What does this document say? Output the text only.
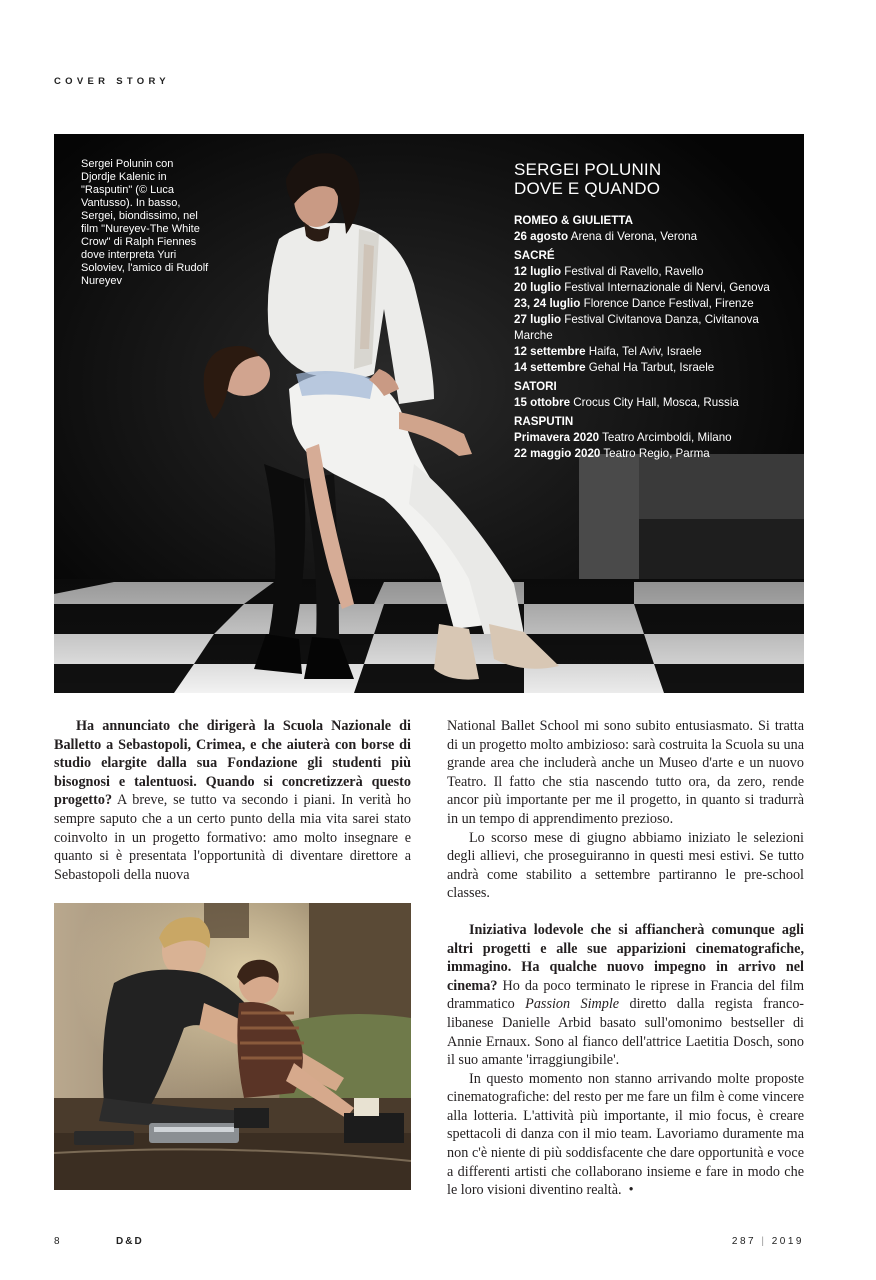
COVER STORY
Sergei Polunin con Djordje Kalenic in "Rasputin" (© Luca Vantusso). In basso, Sergei, biondissimo, nel film "Nureyev-The White Crow" di Ralph Fiennes dove interpreta Yuri Soloviev, l'amico di Rudolf Nureyev
SERGEI POLUNIN
DOVE E QUANDO
ROMEO & GIULIETTA
26 agosto Arena di Verona, Verona
SACRÉ
12 luglio Festival di Ravello, Ravello
20 luglio Festival Internazionale di Nervi, Genova
23, 24 luglio Florence Dance Festival, Firenze
27 luglio Festival Civitanova Danza, Civitanova Marche
12 settembre Haifa, Tel Aviv, Israele
14 settembre Gehal Ha Tarbut, Israele
SATORI
15 ottobre Crocus City Hall, Mosca, Russia
RASPUTIN
Primavera 2020 Teatro Arcimboldi, Milano
22 maggio 2020 Teatro Regio, Parma

Ha annunciato che dirigerà la Scuola Nazionale di Balletto a Sebastopoli, Crimea, e che aiuterà con borse di studio elargite dalla sua Fondazione gli studenti più bisognosi e talentuosi. Quando si concretizzerà questo progetto? A breve, se tutto va secondo i piani. In verità ho sempre saputo che a un certo punto della mia vita sarei stato coinvolto in un progetto formativo: amo molto insegnare e quanto si è presentata l'opportunità di diventare direttore a Sebastopoli della nuova

National Ballet School mi sono subito entusiasmato. Si tratta di un progetto molto ambizioso: sarà costruita la Scuola su una grande area che includerà anche un Museo d'arte e un nuovo Teatro. Il fatto che stia nascendo tutto ora, da zero, rende ancor più importante per me il progetto, in quanto si tradurrà in un tempo di apprendimento prezioso.

Lo scorso mese di giugno abbiamo iniziato le selezioni degli allievi, che proseguiranno in questi mesi estivi. Se tutto andrà come stabilito a settembre partiranno le pre-school classes.

Iniziativa lodevole che si affiancherà comunque agli altri progetti e alle sue apparizioni cinematografiche, immagino. Ha qualche nuovo impegno in arrivo nel cinema? Ho da poco terminato le riprese in Francia del film drammatico Passion Simple diretto dalla regista franco-libanese Danielle Arbid basato sull'omonimo bestseller di Annie Ernaux. Sono al fianco dell'attrice Laetitia Dosch, sono il suo amante 'irraggiungibile'.

In questo momento non stanno arrivando molte proposte cinematografiche: del resto per me fare un film è come vincere alla lotteria. L'attività più importante, il mio focus, è creare spettacoli di danza con il mio team. Lavoriamo duramente ma non c'è niente di più soddisfacente che dare opportunità e voce a differenti artisti che collaborano insieme e fare in modo che le loro visioni diventino realtà. •

8	D&D	287 | 2019
